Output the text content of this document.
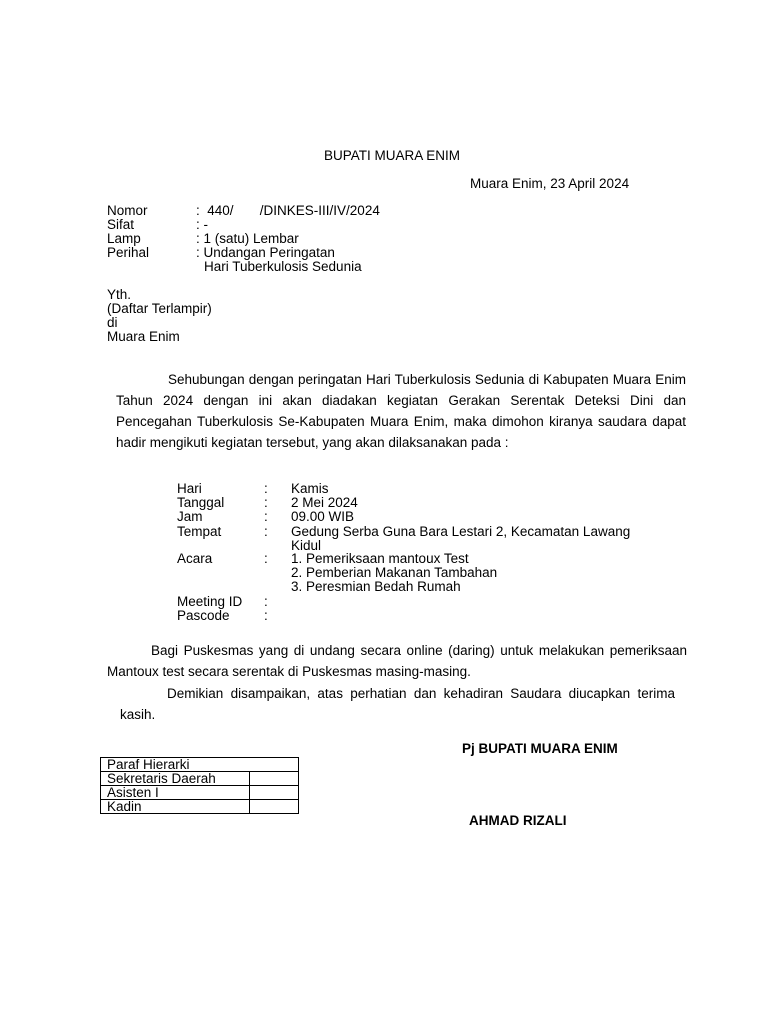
BUPATI MUARA ENIM
Muara Enim, 23 April 2024
Nomor	:  440/       /DINKES-III/IV/2024
Sifat	: -
Lamp	: 1 (satu) Lembar
Perihal	: Undangan Peringatan
Hari Tuberkulosis Sedunia
Yth.
(Daftar Terlampir)
di
Muara Enim
Sehubungan dengan peringatan Hari Tuberkulosis Sedunia di Kabupaten Muara Enim Tahun 2024 dengan ini akan diadakan kegiatan Gerakan Serentak Deteksi Dini dan Pencegahan Tuberkulosis Se-Kabupaten Muara Enim, maka dimohon kiranya saudara dapat hadir mengikuti kegiatan tersebut, yang akan dilaksanakan pada :
Hari	: Kamis
Tanggal	: 2 Mei 2024
Jam	: 09.00 WIB
Tempat	: Gedung Serba Guna Bara Lestari 2, Kecamatan Lawang
Kidul
Acara	: 1. Pemeriksaan mantoux Test
2. Pemberian Makanan Tambahan
3. Peresmian Bedah Rumah
Meeting ID :
Pascode	:
Bagi Puskesmas yang di undang secara online (daring) untuk melakukan pemeriksaan Mantoux test secara serentak di Puskesmas masing-masing.
Demikian disampaikan, atas perhatian dan kehadiran Saudara diucapkan terima kasih.
Pj BUPATI MUARA ENIM
AHMAD RIZALI
Paraf Hierarki	
Sekretaris Daerah	
Asisten I	
Kadin	
